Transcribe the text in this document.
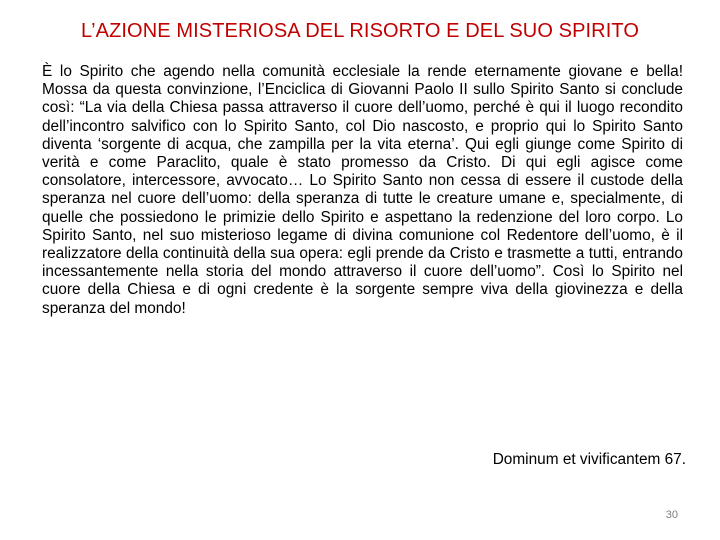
L’AZIONE MISTERIOSA DEL RISORTO E DEL SUO SPIRITO

È lo Spirito che agendo nella comunità ecclesiale la rende eternamente giovane e bella! Mossa da questa convinzione, l’Enciclica di Giovanni Paolo II sullo Spirito Santo si conclude così: “La via della Chiesa passa attraverso il cuore dell’uomo, perché è qui il luogo recondito dell’incontro salvifico con lo Spirito Santo, col Dio nascosto, e proprio qui lo Spirito Santo diventa ‘sorgente di acqua, che zampilla per la vita eterna’. Qui egli giunge come Spirito di verità e come Paraclito, quale è stato promesso da Cristo. Di qui egli agisce come consolatore, intercessore, avvocato… Lo Spirito Santo non cessa di essere il custode della speranza nel cuore dell’uomo: della speranza di tutte le creature umane e, specialmente, di quelle che possiedono le primizie dello Spirito e aspettano la redenzione del loro corpo. Lo Spirito Santo, nel suo misterioso legame di divina comunione col Redentore dell’uomo, è il realizzatore della continuità della sua opera: egli prende da Cristo e trasmette a tutti, entrando incessantemente nella storia del mondo attraverso il cuore dell’uomo”. Così lo Spirito nel cuore della Chiesa e di ogni credente è la sorgente sempre viva della giovinezza e della speranza del mondo!

Dominum et vivificantem 67.
30
